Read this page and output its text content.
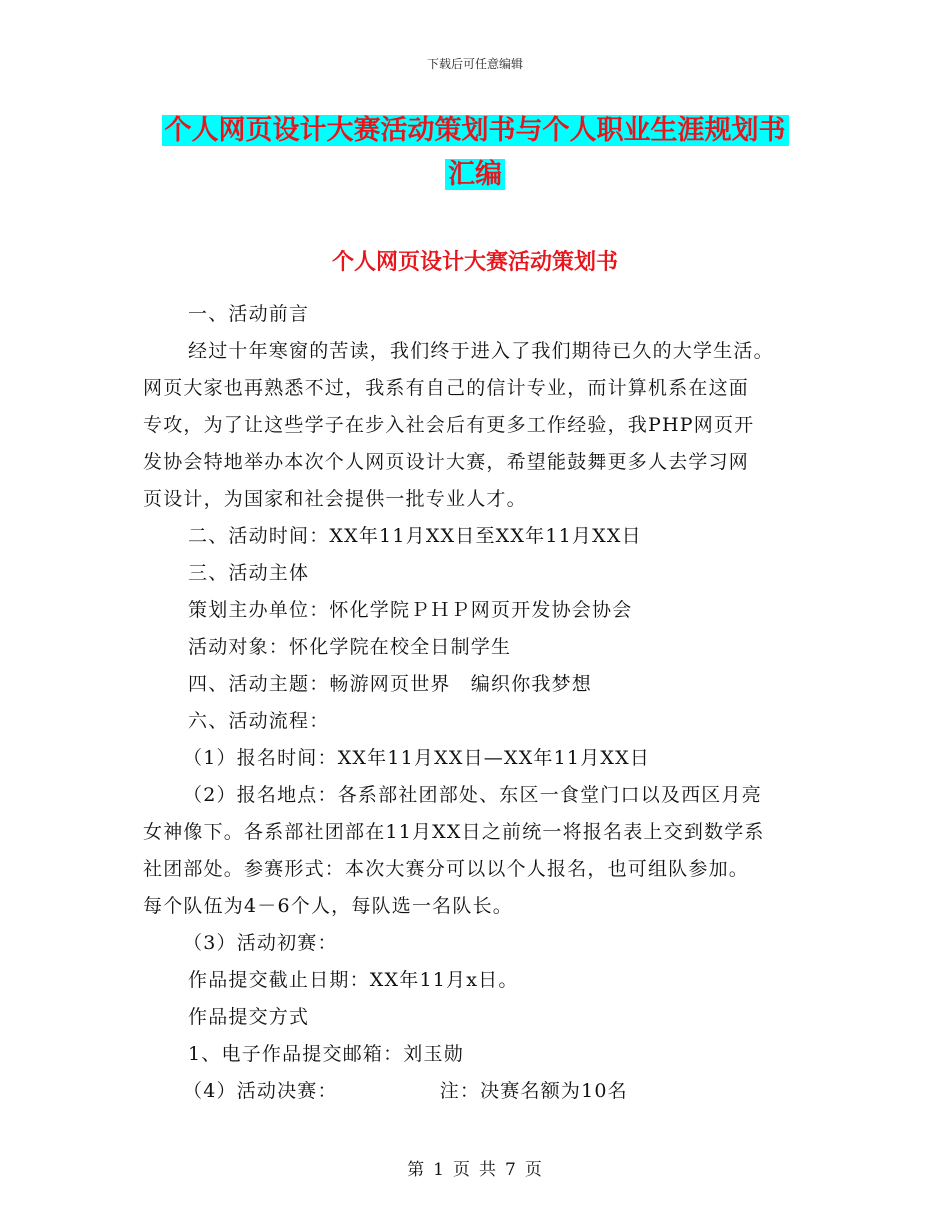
下载后可任意编辑
个人网页设计大赛活动策划书与个人职业生涯规划书
汇编
个人网页设计大赛活动策划书

一、活动前言

经过十年寒窗的苦读，我们终于进入了我们期待已久的大学生活。

网页大家也再熟悉不过，我系有自己的信计专业，而计算机系在这面

专攻，为了让这些学子在步入社会后有更多工作经验，我PHP网页开

发协会特地举办本次个人网页设计大赛，希望能鼓舞更多人去学习网

页设计，为国家和社会提供一批专业人才。

二、活动时间：XX年11月XX日至XX年11月XX日

三、活动主体

策划主办单位：怀化学院ＰＨＰ网页开发协会协会

活动对象：怀化学院在校全日制学生

四、活动主题：畅游网页世界　编织你我梦想

六、活动流程：

（1）报名时间：XX年11月XX日—XX年11月XX日

（2）报名地点：各系部社团部处、东区一食堂门口以及西区月亮

女神像下。各系部社团部在11月XX日之前统一将报名表上交到数学系

社团部处。参赛形式：本次大赛分可以以个人报名，也可组队参加。

每个队伍为4－6个人，每队选一名队长。

（3）活动初赛：

作品提交截止日期：XX年11月x日。

作品提交方式

1、电子作品提交邮箱：刘玉勋

（4）活动决赛：	注：决赛名额为10名

第 1 页 共 7 页
